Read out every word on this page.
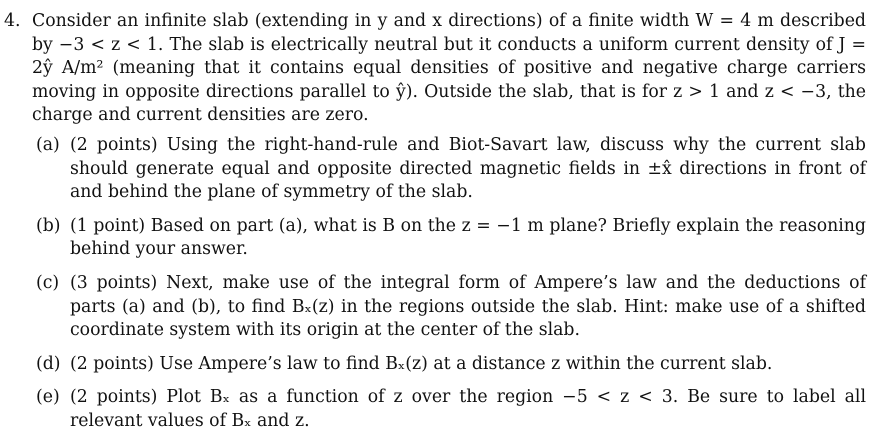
4. Consider an infinite slab (extending in y and x directions) of a finite width W = 4 m described by −3 < z < 1. The slab is electrically neutral but it conducts a uniform current density of J = 2ŷ A/m² (meaning that it contains equal densities of positive and negative charge carriers moving in opposite directions parallel to ŷ). Outside the slab, that is for z > 1 and z < −3, the charge and current densities are zero.
(a) (2 points) Using the right-hand-rule and Biot-Savart law, discuss why the current slab should generate equal and opposite directed magnetic fields in ±x̂ directions in front of and behind the plane of symmetry of the slab.
(b) (1 point) Based on part (a), what is B on the z = −1 m plane? Briefly explain the reasoning behind your answer.
(c) (3 points) Next, make use of the integral form of Ampere’s law and the deductions of parts (a) and (b), to find Bₓ(z) in the regions outside the slab. Hint: make use of a shifted coordinate system with its origin at the center of the slab.
(d) (2 points) Use Ampere’s law to find Bₓ(z) at a distance z within the current slab.
(e) (2 points) Plot Bₓ as a function of z over the region −5 < z < 3. Be sure to label all relevant values of Bₓ and z.
